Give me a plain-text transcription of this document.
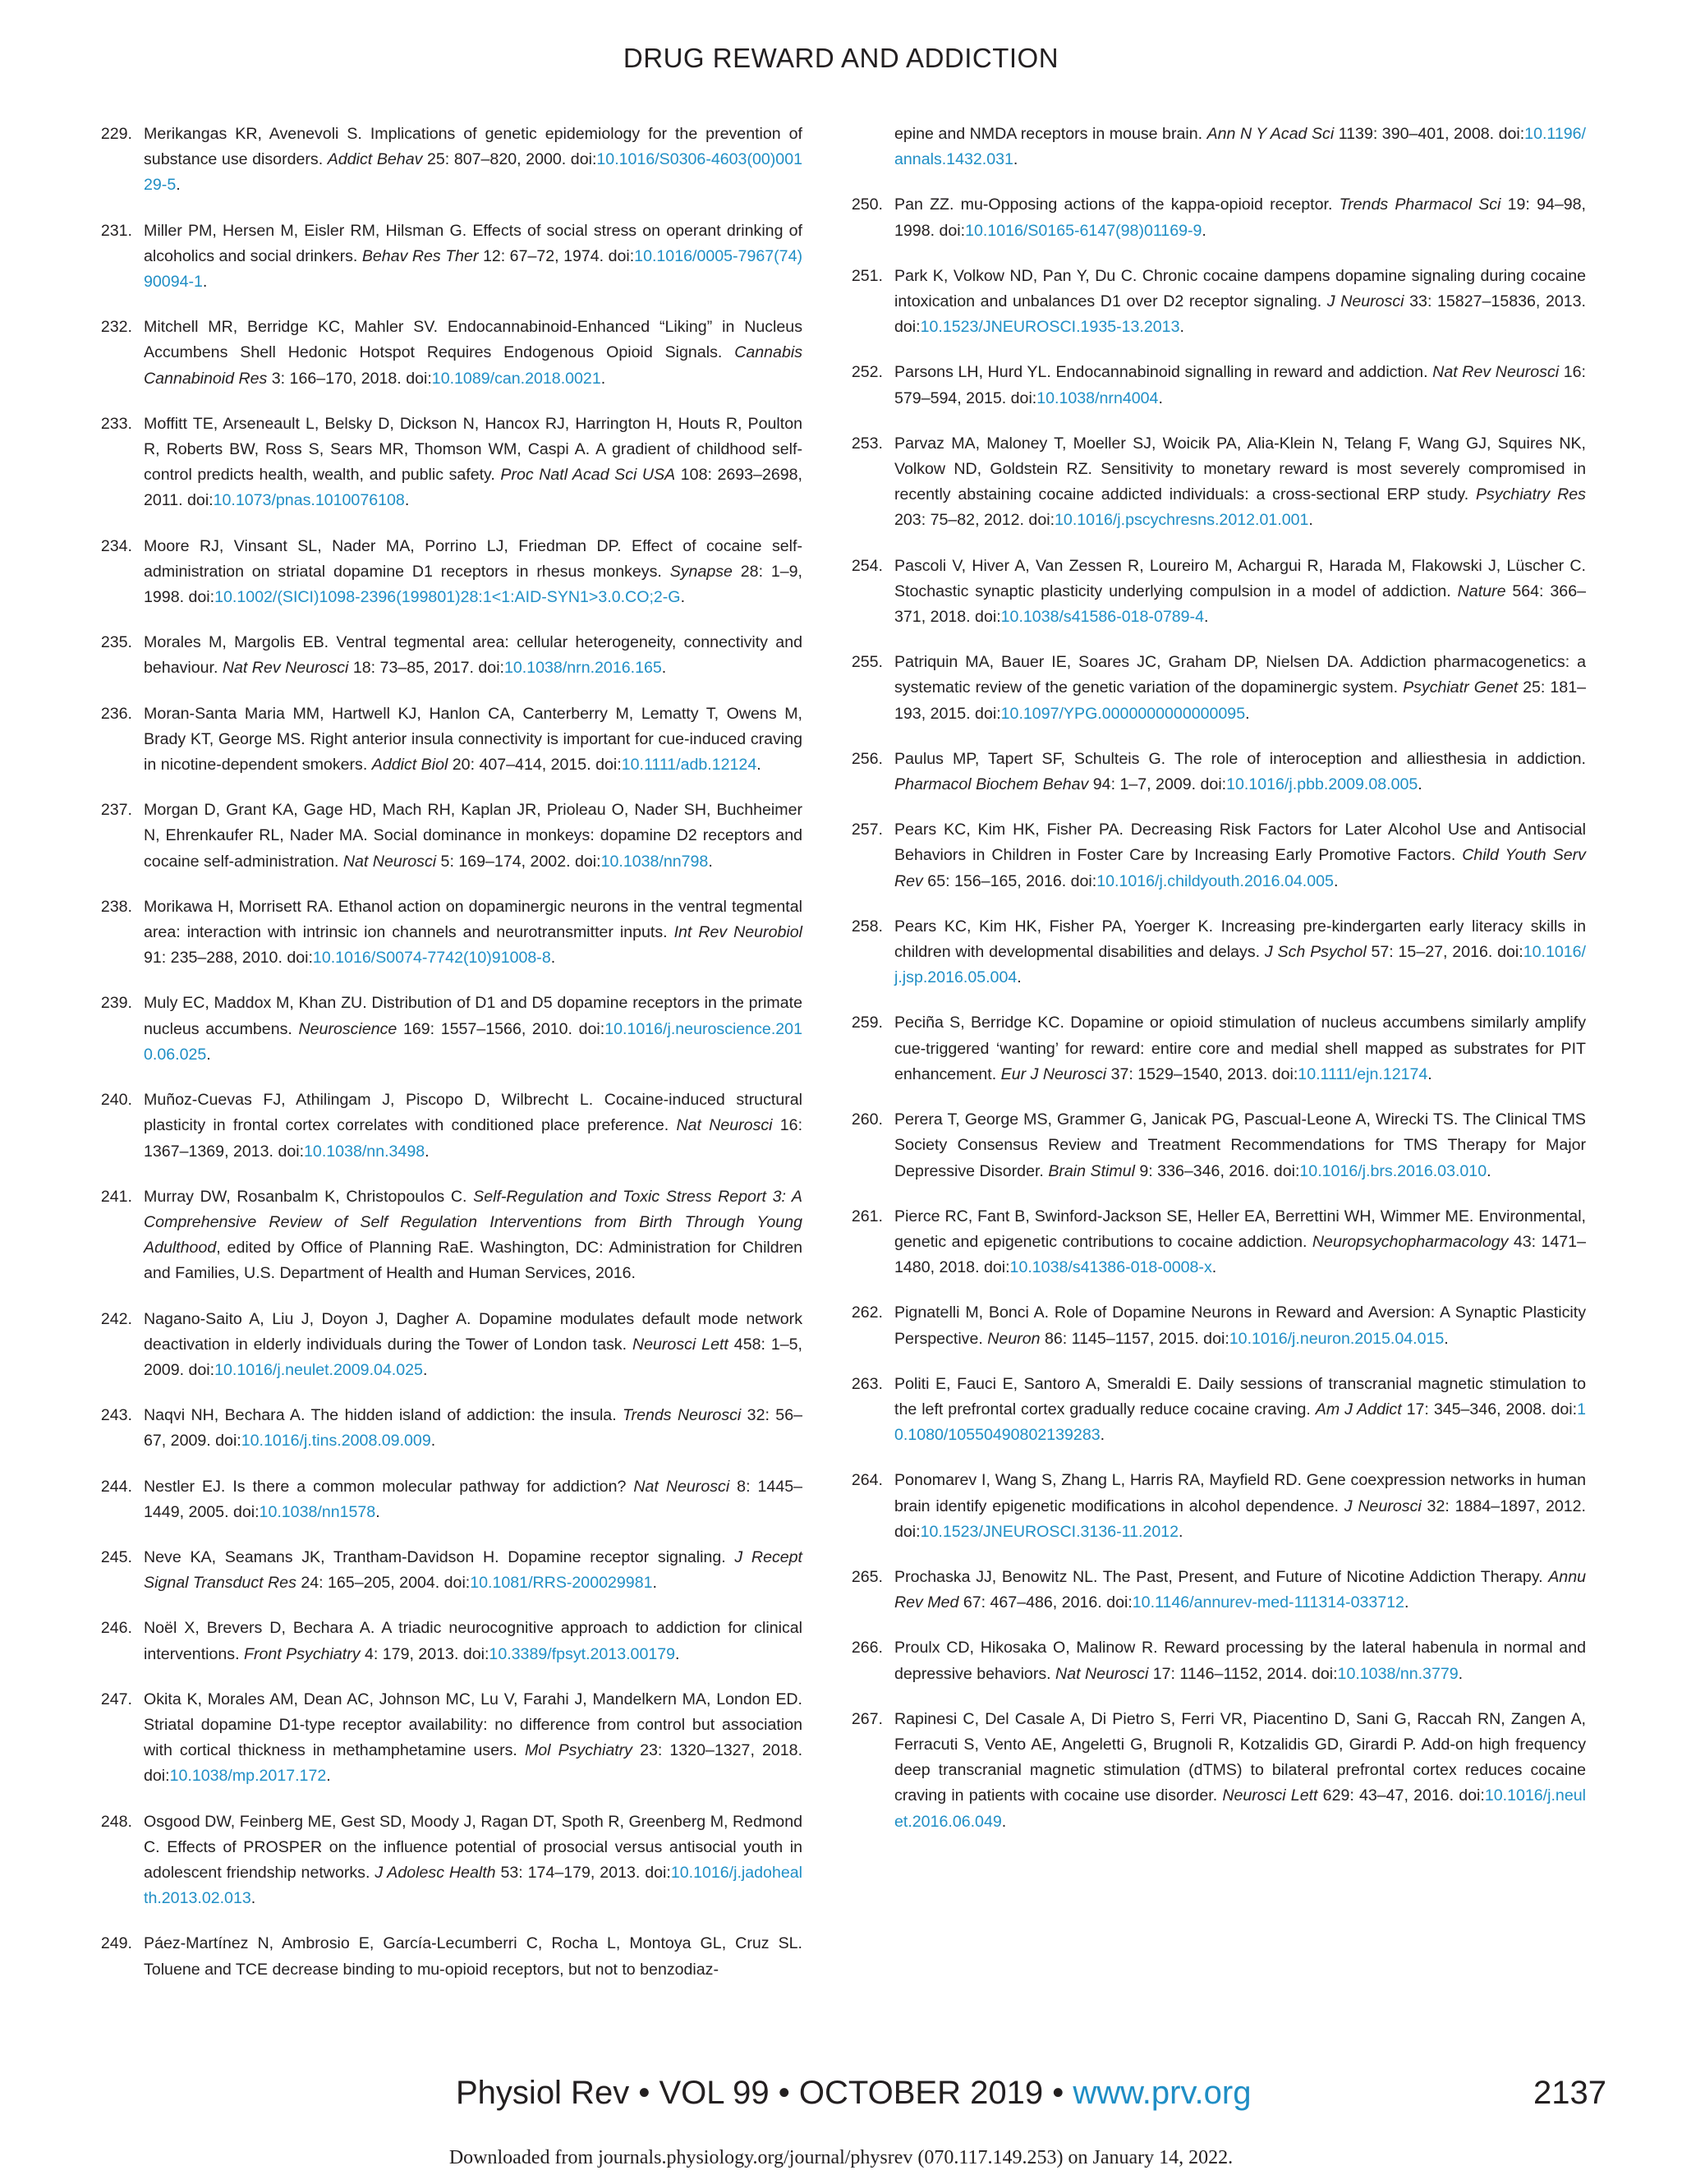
DRUG REWARD AND ADDICTION
229. Merikangas KR, Avenevoli S. Implications of genetic epidemiology for the prevention of substance use disorders. Addict Behav 25: 807–820, 2000. doi:10.1016/S0306-4603(00)00129-5.
231. Miller PM, Hersen M, Eisler RM, Hilsman G. Effects of social stress on operant drinking of alcoholics and social drinkers. Behav Res Ther 12: 67–72, 1974. doi:10.1016/0005-7967(74)90094-1.
232. Mitchell MR, Berridge KC, Mahler SV. Endocannabinoid-Enhanced “Liking” in Nucleus Accumbens Shell Hedonic Hotspot Requires Endogenous Opioid Signals. Cannabis Cannabinoid Res 3: 166–170, 2018. doi:10.1089/can.2018.0021.
233. Moffitt TE, Arseneault L, Belsky D, Dickson N, Hancox RJ, Harrington H, Houts R, Poulton R, Roberts BW, Ross S, Sears MR, Thomson WM, Caspi A. A gradient of childhood self-control predicts health, wealth, and public safety. Proc Natl Acad Sci USA 108: 2693–2698, 2011. doi:10.1073/pnas.1010076108.
234. Moore RJ, Vinsant SL, Nader MA, Porrino LJ, Friedman DP. Effect of cocaine self-administration on striatal dopamine D1 receptors in rhesus monkeys. Synapse 28: 1–9, 1998. doi:10.1002/(SICI)1098-2396(199801)28:1<1:AID-SYN1>3.0.CO;2-G.
235. Morales M, Margolis EB. Ventral tegmental area: cellular heterogeneity, connectivity and behaviour. Nat Rev Neurosci 18: 73–85, 2017. doi:10.1038/nrn.2016.165.
236. Moran-Santa Maria MM, Hartwell KJ, Hanlon CA, Canterberry M, Lematty T, Owens M, Brady KT, George MS. Right anterior insula connectivity is important for cue-induced craving in nicotine-dependent smokers. Addict Biol 20: 407–414, 2015. doi:10.1111/adb.12124.
237. Morgan D, Grant KA, Gage HD, Mach RH, Kaplan JR, Prioleau O, Nader SH, Buchheimer N, Ehrenkaufer RL, Nader MA. Social dominance in monkeys: dopamine D2 receptors and cocaine self-administration. Nat Neurosci 5: 169–174, 2002. doi:10.1038/nn798.
238. Morikawa H, Morrisett RA. Ethanol action on dopaminergic neurons in the ventral tegmental area: interaction with intrinsic ion channels and neurotransmitter inputs. Int Rev Neurobiol 91: 235–288, 2010. doi:10.1016/S0074-7742(10)91008-8.
239. Muly EC, Maddox M, Khan ZU. Distribution of D1 and D5 dopamine receptors in the primate nucleus accumbens. Neuroscience 169: 1557–1566, 2010. doi:10.1016/j.neuroscience.2010.06.025.
240. Muñoz-Cuevas FJ, Athilingam J, Piscopo D, Wilbrecht L. Cocaine-induced structural plasticity in frontal cortex correlates with conditioned place preference. Nat Neurosci 16: 1367–1369, 2013. doi:10.1038/nn.3498.
241. Murray DW, Rosanbalm K, Christopoulos C. Self-Regulation and Toxic Stress Report 3: A Comprehensive Review of Self Regulation Interventions from Birth Through Young Adulthood, edited by Office of Planning RaE. Washington, DC: Administration for Children and Families, U.S. Department of Health and Human Services, 2016.
242. Nagano-Saito A, Liu J, Doyon J, Dagher A. Dopamine modulates default mode network deactivation in elderly individuals during the Tower of London task. Neurosci Lett 458: 1–5, 2009. doi:10.1016/j.neulet.2009.04.025.
243. Naqvi NH, Bechara A. The hidden island of addiction: the insula. Trends Neurosci 32: 56–67, 2009. doi:10.1016/j.tins.2008.09.009.
244. Nestler EJ. Is there a common molecular pathway for addiction? Nat Neurosci 8: 1445–1449, 2005. doi:10.1038/nn1578.
245. Neve KA, Seamans JK, Trantham-Davidson H. Dopamine receptor signaling. J Recept Signal Transduct Res 24: 165–205, 2004. doi:10.1081/RRS-200029981.
246. Noël X, Brevers D, Bechara A. A triadic neurocognitive approach to addiction for clinical interventions. Front Psychiatry 4: 179, 2013. doi:10.3389/fpsyt.2013.00179.
247. Okita K, Morales AM, Dean AC, Johnson MC, Lu V, Farahi J, Mandelkern MA, London ED. Striatal dopamine D1-type receptor availability: no difference from control but association with cortical thickness in methamphetamine users. Mol Psychiatry 23: 1320–1327, 2018. doi:10.1038/mp.2017.172.
248. Osgood DW, Feinberg ME, Gest SD, Moody J, Ragan DT, Spoth R, Greenberg M, Redmond C. Effects of PROSPER on the influence potential of prosocial versus antisocial youth in adolescent friendship networks. J Adolesc Health 53: 174–179, 2013. doi:10.1016/j.jadohealth.2013.02.013.
249. Páez-Martínez N, Ambrosio E, García-Lecumberri C, Rocha L, Montoya GL, Cruz SL. Toluene and TCE decrease binding to mu-opioid receptors, but not to benzodiaz-
epine and NMDA receptors in mouse brain. Ann N Y Acad Sci 1139: 390–401, 2008. doi:10.1196/annals.1432.031.
250. Pan ZZ. mu-Opposing actions of the kappa-opioid receptor. Trends Pharmacol Sci 19: 94–98, 1998. doi:10.1016/S0165-6147(98)01169-9.
251. Park K, Volkow ND, Pan Y, Du C. Chronic cocaine dampens dopamine signaling during cocaine intoxication and unbalances D1 over D2 receptor signaling. J Neurosci 33: 15827–15836, 2013. doi:10.1523/JNEUROSCI.1935-13.2013.
252. Parsons LH, Hurd YL. Endocannabinoid signalling in reward and addiction. Nat Rev Neurosci 16: 579–594, 2015. doi:10.1038/nrn4004.
253. Parvaz MA, Maloney T, Moeller SJ, Woicik PA, Alia-Klein N, Telang F, Wang GJ, Squires NK, Volkow ND, Goldstein RZ. Sensitivity to monetary reward is most severely compromised in recently abstaining cocaine addicted individuals: a cross-sectional ERP study. Psychiatry Res 203: 75–82, 2012. doi:10.1016/j.pscychresns.2012.01.001.
254. Pascoli V, Hiver A, Van Zessen R, Loureiro M, Achargui R, Harada M, Flakowski J, Lüscher C. Stochastic synaptic plasticity underlying compulsion in a model of addiction. Nature 564: 366–371, 2018. doi:10.1038/s41586-018-0789-4.
255. Patriquin MA, Bauer IE, Soares JC, Graham DP, Nielsen DA. Addiction pharmacogenetics: a systematic review of the genetic variation of the dopaminergic system. Psychiatr Genet 25: 181–193, 2015. doi:10.1097/YPG.0000000000000095.
256. Paulus MP, Tapert SF, Schulteis G. The role of interoception and alliesthesia in addiction. Pharmacol Biochem Behav 94: 1–7, 2009. doi:10.1016/j.pbb.2009.08.005.
257. Pears KC, Kim HK, Fisher PA. Decreasing Risk Factors for Later Alcohol Use and Antisocial Behaviors in Children in Foster Care by Increasing Early Promotive Factors. Child Youth Serv Rev 65: 156–165, 2016. doi:10.1016/j.childyouth.2016.04.005.
258. Pears KC, Kim HK, Fisher PA, Yoerger K. Increasing pre-kindergarten early literacy skills in children with developmental disabilities and delays. J Sch Psychol 57: 15–27, 2016. doi:10.1016/j.jsp.2016.05.004.
259. Peciña S, Berridge KC. Dopamine or opioid stimulation of nucleus accumbens similarly amplify cue-triggered ‘wanting’ for reward: entire core and medial shell mapped as substrates for PIT enhancement. Eur J Neurosci 37: 1529–1540, 2013. doi:10.1111/ejn.12174.
260. Perera T, George MS, Grammer G, Janicak PG, Pascual-Leone A, Wirecki TS. The Clinical TMS Society Consensus Review and Treatment Recommendations for TMS Therapy for Major Depressive Disorder. Brain Stimul 9: 336–346, 2016. doi:10.1016/j.brs.2016.03.010.
261. Pierce RC, Fant B, Swinford-Jackson SE, Heller EA, Berrettini WH, Wimmer ME. Environmental, genetic and epigenetic contributions to cocaine addiction. Neuropsychopharmacology 43: 1471–1480, 2018. doi:10.1038/s41386-018-0008-x.
262. Pignatelli M, Bonci A. Role of Dopamine Neurons in Reward and Aversion: A Synaptic Plasticity Perspective. Neuron 86: 1145–1157, 2015. doi:10.1016/j.neuron.2015.04.015.
263. Politi E, Fauci E, Santoro A, Smeraldi E. Daily sessions of transcranial magnetic stimulation to the left prefrontal cortex gradually reduce cocaine craving. Am J Addict 17: 345–346, 2008. doi:10.1080/10550490802139283.
264. Ponomarev I, Wang S, Zhang L, Harris RA, Mayfield RD. Gene coexpression networks in human brain identify epigenetic modifications in alcohol dependence. J Neurosci 32: 1884–1897, 2012. doi:10.1523/JNEUROSCI.3136-11.2012.
265. Prochaska JJ, Benowitz NL. The Past, Present, and Future of Nicotine Addiction Therapy. Annu Rev Med 67: 467–486, 2016. doi:10.1146/annurev-med-111314-033712.
266. Proulx CD, Hikosaka O, Malinow R. Reward processing by the lateral habenula in normal and depressive behaviors. Nat Neurosci 17: 1146–1152, 2014. doi:10.1038/nn.3779.
267. Rapinesi C, Del Casale A, Di Pietro S, Ferri VR, Piacentino D, Sani G, Raccah RN, Zangen A, Ferracuti S, Vento AE, Angeletti G, Brugnoli R, Kotzalidis GD, Girardi P. Add-on high frequency deep transcranial magnetic stimulation (dTMS) to bilateral prefrontal cortex reduces cocaine craving in patients with cocaine use disorder. Neurosci Lett 629: 43–47, 2016. doi:10.1016/j.neulet.2016.06.049.
Physiol Rev • VOL 99 • OCTOBER 2019 • www.prv.org	2137
Downloaded from journals.physiology.org/journal/physrev (070.117.149.253) on January 14, 2022.
